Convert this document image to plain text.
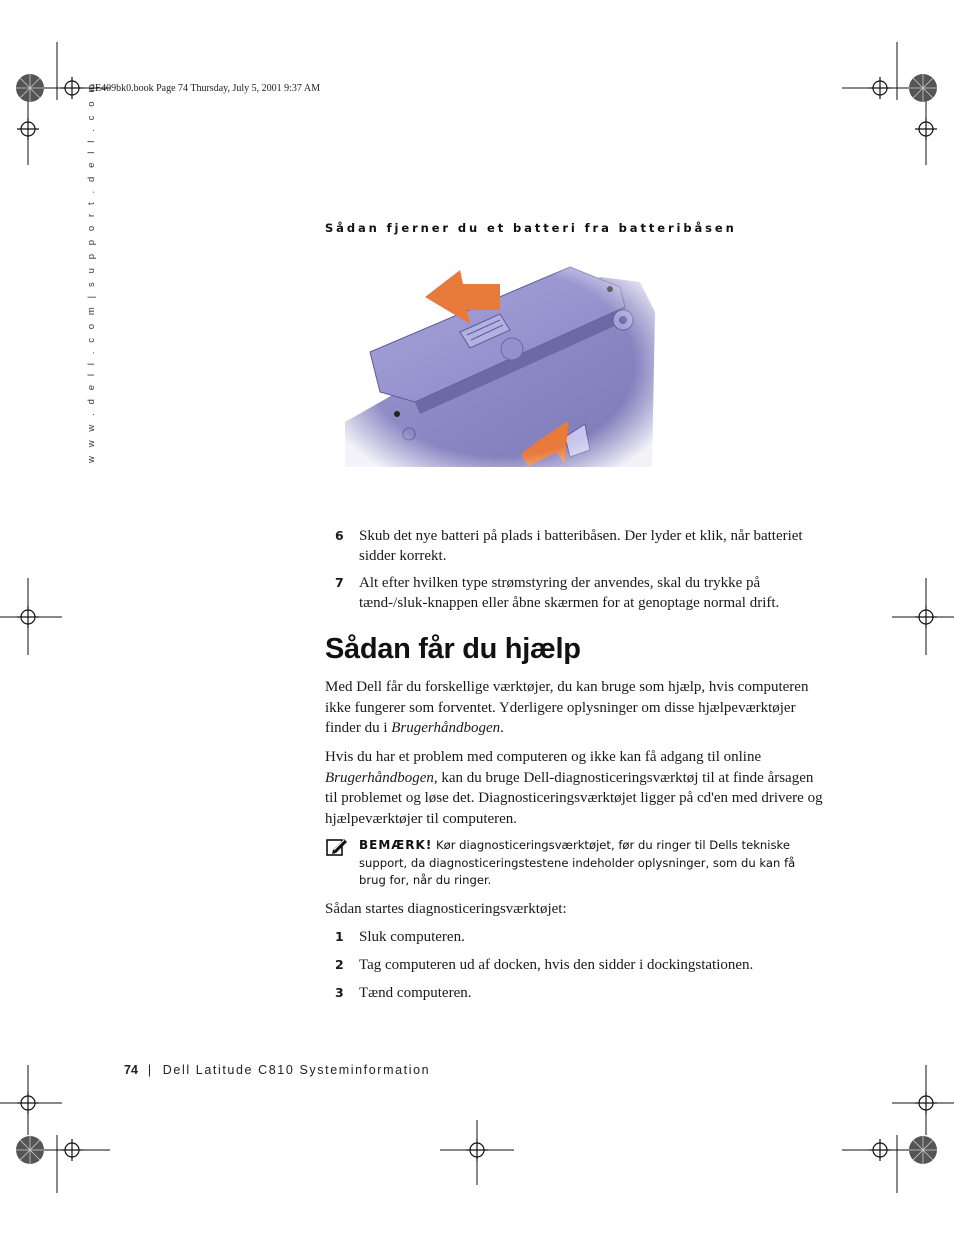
2E409bk0.book Page 74 Thursday, July 5, 2001 9:37 AM
w w w . d e l l . c o m | s u p p o r t . d e l l . c o m	Sådan fjerner du et batteri fra batteribåsen
6 Skub det nye batteri på plads i batteribåsen. Der lyder et klik, når batteriet sidder korrekt.
7 Alt efter hvilken type strømstyring der anvendes, skal du trykke på tænd-/sluk-knappen eller åbne skærmen for at genoptage normal drift.
Sådan får du hjælp
Med Dell får du forskellige værktøjer, du kan bruge som hjælp, hvis computeren ikke fungerer som forventet. Yderligere oplysninger om disse hjælpeværktøjer finder du i Brugerhåndbogen.
Hvis du har et problem med computeren og ikke kan få adgang til online Brugerhåndbogen, kan du bruge Dell-diagnosticeringsværktøj til at finde årsagen til problemet og løse det. Diagnosticeringsværktøjet ligger på cd'en med drivere og hjælpeværktøjer til computeren.
BEMÆRK! Kør diagnosticeringsværktøjet, før du ringer til Dells tekniske support, da diagnosticeringstestene indeholder oplysninger, som du kan få brug for, når du ringer.
Sådan startes diagnosticeringsværktøjet:
1 Sluk computeren.
2 Tag computeren ud af docken, hvis den sidder i dockingstationen.
3 Tænd computeren.
74 | Dell Latitude C810 Systeminformation
